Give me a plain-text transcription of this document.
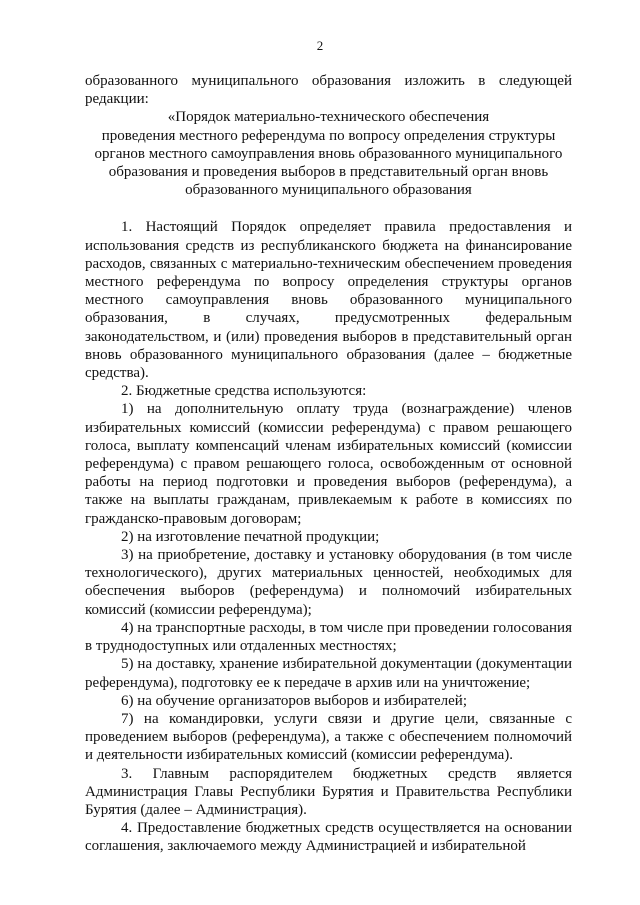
2

образованного муниципального образования изложить в следующей редакции:

«Порядок материально-технического обеспечения

проведения местного референдума по вопросу определения структуры

органов местного самоуправления вновь образованного муниципального

образования и проведения выборов в представительный орган вновь

образованного муниципального образования

1. Настоящий Порядок определяет правила предоставления и использования средств из республиканского бюджета на финансирование расходов, связанных с материально-техническим обеспечением проведения местного референдума по вопросу определения структуры органов местного самоуправления вновь образованного муниципального образования, в случаях, предусмотренных федеральным законодательством, и (или) проведения выборов в представительный орган вновь образованного муниципального образования (далее – бюджетные средства).

2. Бюджетные средства используются:

1) на дополнительную оплату труда (вознаграждение) членов избирательных комиссий (комиссии референдума) с правом решающего голоса, выплату компенсаций членам избирательных комиссий (комиссии референдума) с правом решающего голоса, освобожденным от основной работы на период подготовки и проведения выборов (референдума), а также на выплаты гражданам, привлекаемым к работе в комиссиях по гражданско-правовым договорам;

2) на изготовление печатной продукции;

3) на приобретение, доставку и установку оборудования (в том числе технологического), других материальных ценностей, необходимых для обеспечения выборов (референдума) и полномочий избирательных комиссий (комиссии референдума);

4) на транспортные расходы, в том числе при проведении голосования в труднодоступных или отдаленных местностях;

5) на доставку, хранение избирательной документации (документации референдума), подготовку ее к передаче в архив или на уничтожение;

6) на обучение организаторов выборов и избирателей;

7) на командировки, услуги связи и другие цели, связанные с проведением выборов (референдума), а также с обеспечением полномочий и деятельности избирательных комиссий (комиссии референдума).

3. Главным распорядителем бюджетных средств является Администрация Главы Республики Бурятия и Правительства Республики Бурятия (далее – Администрация).

4. Предоставление бюджетных средств осуществляется на основании соглашения, заключаемого между Администрацией и избирательной
